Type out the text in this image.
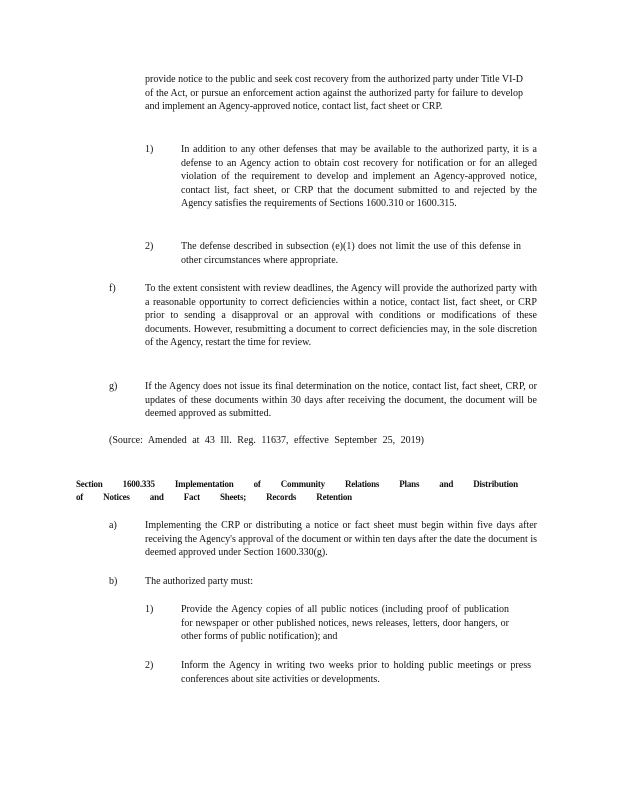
provide notice to the public and seek cost recovery from the authorized party under Title VI-D of the Act, or pursue an enforcement action against the authorized party for failure to develop and implement an Agency-approved notice, contact list, fact sheet or CRP.

1)	In addition to any other defenses that may be available to the authorized party, it is a defense to an Agency action to obtain cost recovery for notification or for an alleged violation of the requirement to develop and implement an Agency-approved notice, contact list, fact sheet, or CRP that the document submitted to and rejected by the Agency satisfies the requirements of Sections 1600.310 or 1600.315.

2)	The defense described in subsection (e)(1) does not limit the use of this defense in other circumstances where appropriate.

f)	To the extent consistent with review deadlines, the Agency will provide the authorized party with a reasonable opportunity to correct deficiencies within a notice, contact list, fact sheet, or CRP prior to sending a disapproval or an approval with conditions or modifications of these documents. However, resubmitting a document to correct deficiencies may, in the sole discretion of the Agency, restart the time for review.

g)	If the Agency does not issue its final determination on the notice, contact list, fact sheet, CRP, or updates of these documents within 30 days after receiving the document, the document will be deemed approved as submitted.

(Source: Amended at 43 Ill. Reg. 11637, effective September 25, 2019)

Section 1600.335 Implementation of Community Relations Plans and Distribution of Notices and Fact Sheets; Records Retention

a)	Implementing the CRP or distributing a notice or fact sheet must begin within five days after receiving the Agency's approval of the document or within ten days after the date the document is deemed approved under Section 1600.330(g).

b)	The authorized party must:

1)	Provide the Agency copies of all public notices (including proof of publication for newspaper or other published notices, news releases, letters, door hangers, or other forms of public notification); and

2)	Inform the Agency in writing two weeks prior to holding public meetings or press conferences about site activities or developments.
